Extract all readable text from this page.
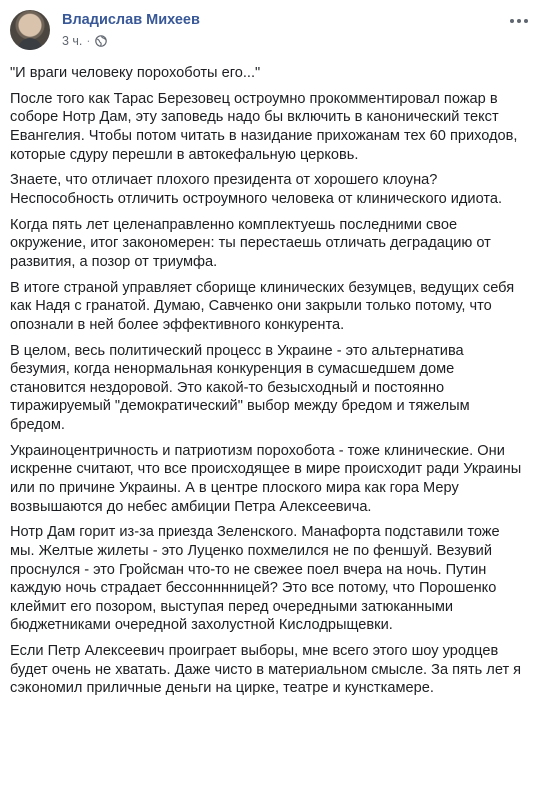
Владислав Михеев
3 ч. ·

"И враги человеку порохоботы его..."

После того как Тарас Березовец остроумно прокомментировал пожар в соборе Нотр Дам, эту заповедь надо бы включить в канонический текст Евангелия. Чтобы потом читать в назидание прихожанам тех 60 приходов, которые сдуру перешли в автокефальную церковь.

Знаете, что отличает плохого президента от хорошего клоуна? Неспособность отличить остроумного человека от клинического идиота.

Когда пять лет целенаправленно комплектуешь последними свое окружение, итог закономерен: ты перестаешь отличать деградацию от развития, а позор от триумфа.

В итоге страной управляет сборище клинических безумцев, ведущих себя как Надя с гранатой. Думаю, Савченко они закрыли только потому, что опознали в ней более эффективного конкурента.

В целом, весь политический процесс в Украине - это альтернатива безумия, когда ненормальная конкуренция в сумасшедшем доме становится нездоровой. Это какой-то безысходный и постоянно тиражируемый "демократический" выбор между бредом и тяжелым бредом.

Украиноцентричность и патриотизм порохобота - тоже клинические. Они искренне считают, что все происходящее в мире происходит ради Украины или по причине Украины. А в центре плоского мира как гора Меру возвышаются до небес амбиции Петра Алексеевича.

Нотр Дам горит из-за приезда Зеленского. Манафорта подставили тоже мы. Желтые жилеты - это Луценко похмелился не по феншуй. Везувий проснулся - это Гройсман что-то не свежее поел вчера на ночь. Путин каждую ночь страдает бессонннницей? Это все потому, что Порошенко клеймит его позором, выступая перед очередными затюканными бюджетниками очередной захолустной Кислодрыщевки.

Если Петр Алексеевич проиграет выборы, мне всего этого шоу уродцев будет очень не хватать. Даже чисто в материальном смысле. За пять лет я сэкономил приличные деньги на цирке, театре и кунсткамере.
